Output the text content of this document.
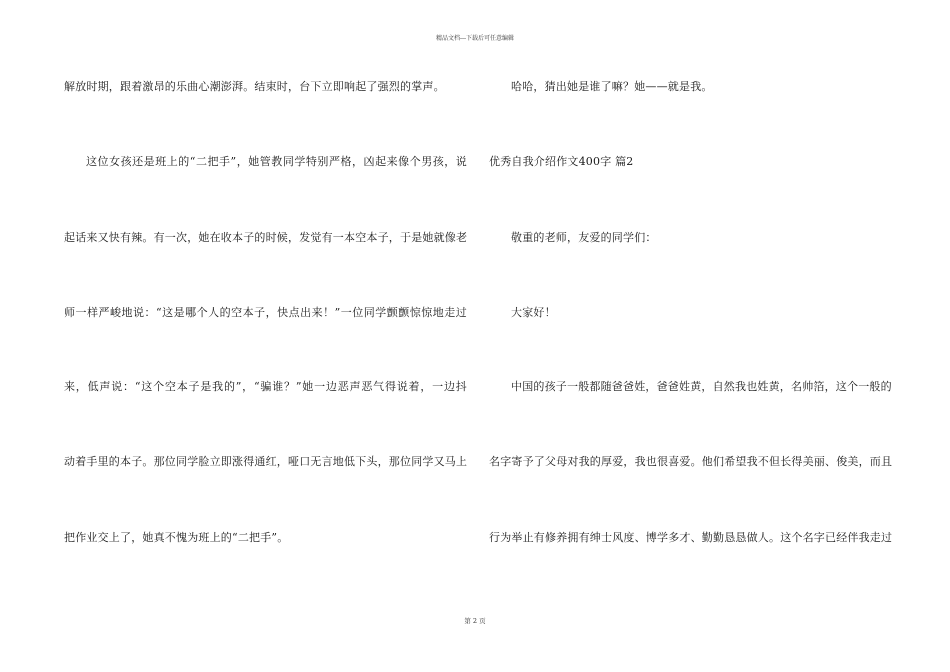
精品文档---下载后可任意编辑
解放时期，跟着激昂的乐曲心潮澎湃。结束时，台下立即响起了强烈的掌声。
这位女孩还是班上的“二把手”，她管教同学特别严格，凶起来像个男孩，说
起话来又快有辣。有一次，她在收本子的时候，发觉有一本空本子，于是她就像老
师一样严峻地说：“这是哪个人的空本子，快点出来！”一位同学颤颤惊惊地走过
来，低声说：“这个空本子是我的”，“骗谁？”她一边恶声恶气得说着，一边抖
动着手里的本子。那位同学脸立即涨得通红，哑口无言地低下头，那位同学又马上
把作业交上了，她真不愧为班上的“二把手”。
哈哈，猜出她是谁了嘛？她——就是我。
优秀自我介绍作文400字 篇2
敬重的老师，友爱的同学们：
大家好！
中国的孩子一般都随爸爸姓，爸爸姓黄，自然我也姓黄，名帅箔，这个一般的
名字寄予了父母对我的厚爱，我也很喜爱。他们希望我不但长得美丽、俊美，而且
行为举止有修养拥有绅士风度、博学多才、勤勤恳恳做人。这个名字已经伴我走过
第 2 页
